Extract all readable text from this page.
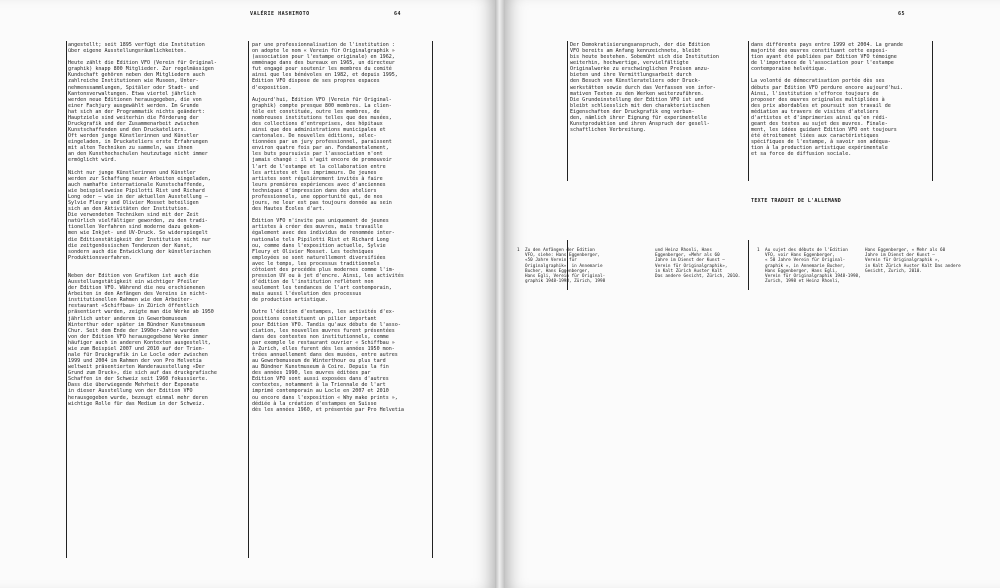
VALÉRIE HASHIMOTO	64
angestellt; seit 1895 verfügt die Institution
über eigene Ausstellungsräumlichkeiten.

Heute zählt die Edition VFO (Verein für Original-
graphik) knapp 800 Mitglieder. Zur regelmässigen
Kundschaft gehören neben den Mitgliedern auch
zahlreiche Institutionen wie Museen, Unter-
nehmenssammlungen, Spitäler oder Stadt- und
Kantonsverwaltungen. Etwa viertel jährlich
werden neue Editionen herausgegeben, die von
einer Fachjury ausgewählt werden. Im Grunde
hat sich an der Programmatik nichts geändert:
Hauptziele sind weiterhin die Förderung der
Druckgrafik und der Zusammenarbeit zwischen
Kunstschaffenden und den Druckateliers.
Oft werden junge Künstlerinnen und Künstler
eingeladen, in Druckateliers erste Erfahrungen
mit alten Techniken zu sammeln, was ihnen
an den Kunsthochschulen heutzutage nicht immer
ermöglicht wird.

Nicht nur junge Künstlerinnen und Künstler
werden zur Schaffung neuer Arbeiten eingeladen,
auch namhafte internationale Kunstschaffende,
wie beispielsweise Pipilotti Rist und Richard
Long oder – wie in der aktuellen Ausstellung –
Sylvie Fleury und Olivier Mosset beteiligen
sich an den Aktivitäten der Institution.
Die verwendeten Techniken sind mit der Zeit
natürlich vielfältiger geworden, zu den tradi-
tionellen Verfahren sind moderne dazu gekom-
men wie Inkjet- und UV-Druck. So widerspiegelt
die Editionstätigkeit der Institution nicht nur
die zeitgenössischen Tendenzen der Kunst,
sondern auch die Entwicklung der künstlerischen
Produktionsverfahren.

Neben der Edition von Grafiken ist auch die
Ausstellungstätigkeit ein wichtiger Pfeiler
der Edition VFO. Während die neu erschienenen
Arbeiten in den Anfängen des Vereins in nicht-
institutionellen Rahmen wie dem Arbeiter-
restaurant «Schiffbau» in Zürich öffentlich
präsentiert wurden, zeigte man die Werke ab 1950
jährlich unter anderem in Gewerbemuseum
Winterthur oder später im Bündner Kunstmuseum
Chur. Seit dem Ende der 1990er-Jahre wurden
von der Edition VFO herausgegebene Werke immer
häufiger auch in anderen Kontexten ausgestellt,
wie zum Beispiel 2007 und 2010 auf der Trien-
nale für Druckgrafik in Le Locle oder zwischen
1999 und 2004 im Rahmen der von Pro Helvetia
weltweit präsentierten Wanderausstellung «Der
Grund zum Druck», die sich auf das druckgrafische
Schaffen in der Schweiz seit 1960 fokussierte.
Dass die überwiegende Mehrheit der Exponate
in dieser Ausstellung von der Edition VFO
herausgegeben wurde, bezeugt einmal mehr deren
wichtige Rolle für das Medium in der Schweiz.
par une professionnalisation de l'institution :
on adopte le nom « Verein für Originalgraphik »
(association pour l'estampe originale) en 1962,
emménage dans des bureaux en 1965, un directeur
fut engagé pour soutenir les membres du comité
ainsi que les bénévoles en 1982, et depuis 1995,
Edition VFO dispose de ses propres espaces
d'exposition.

Aujourd'hui, Edition VFO (Verein für Original-
graphik) compte presque 800 membres. La clien-
tèle est constituée, outre les membres, de
nombreuses institutions telles que des musées,
des collections d'entreprises, des hôpitaux
ainsi que des administrations municipales et
cantonales. De nouvelles éditions, sélec-
tionnées par un jury professionnel, paraissent
environ quatre fois par an. Fondamentalement,
les buts poursuivis par l'association n'ont
jamais changé : il s'agit encore de promouvoir
l'art de l'estampe et la collaboration entre
les artistes et les imprimeurs. De jeunes
artistes sont régulièrement invités à faire
leurs premières expériences avec d'anciennes
techniques d'impression dans des ateliers
professionnels, une opportunité qui, de nos
jours, ne leur est pas toujours donnée au sein
des Hautes Écoles d'art.

Edition VFO n'invite pas uniquement de jeunes
artistes à créer des œuvres, mais travaille
également avec des individus de renommée inter-
nationale tels Pipilotti Rist et Richard Long
ou, comme dans l'exposition actuelle, Sylvie
Fleury et Olivier Mosset. Les techniques
employées se sont naturellement diversifiées
avec le temps, les processus traditionnels
côtoient des procédés plus modernes comme l'im-
pression UV ou à jet d'encre. Ainsi, les activités
d'édition de l'institution reflètent non
seulement les tendances de l'art contemporain,
mais aussi l'évolution des processus
de production artistique.

Outre l'édition d'estampes, les activités d'ex-
positions constituent un pilier important
pour Edition VFO. Tandis qu'aux débuts de l'asso-
ciation, les nouvelles œuvres furent présentées
dans des contextes non institutionnels, comme
par exemple le restaurant ouvrier « Schiffbau »
à Zurich, elles furent dès les années 1950 mon-
trées annuellement dans des musées, entre autres
au Gewerbemuseum de Winterthour ou plus tard
au Bündner Kunstmuseum à Coire. Depuis la fin
des années 1990, les œuvres éditées par
Edition VFO sont aussi exposées dans d'autres
contextes, notamment à la Triennale de l'art
imprimé contemporain au Locle en 2007 et 2010
ou encore dans l'exposition « Why make prints »,
dédiée à la création d'estampes en Suisse
dès les années 1960, et présentée par Pro Helvetia
65
Der Demokratisierungsanspruch, der die Edition
VFO bereits am Anfang kennzeichnete, bleibt
bis heute bestehen. Sobemüht sich die Institution
weiterhin, hochwertige, vervielfältigte
Originalwerke zu erschwinglichen Preisen anzu-
bieten und ihre Vermittlungsarbeit durch
den Besuch von Künstlerateliers oder Druck-
werkstätten sowie durch das Verfassen von infor-
mativen Texten zu den Werken weiterzuführen.
Die Grundeinstellung der Edition VFO ist und
bleibt schliesslich mit den charakteristischen
Eigenschaften der Druckgrafik eng verbun-
den, nämlich ihrer Eignung für experimentelle
Kunstproduktion und ihren Anspruch der gesell-
schaftlichen Verbreitung.
dans différents pays entre 1999 et 2004. La grande
majorité des œuvres constituant cette exposi-
tion ayant été publiées par Edition VFO témoigne
de l'importance de l'association pour l'estampe
contemporaine helvétique.

La volonté de démocratisation portée dès ses
débuts par Edition VFO perdure encore aujourd'hui.
Ainsi, l'institution s'efforce toujours de
proposer des œuvres originales multipliées à
des prix abordables et poursuit son travail de
médiation au travers de visites d'ateliers
d'artistes et d'imprimeries ainsi qu'en rédi-
geant des textes au sujet des œuvres. Finale-
ment, les idées guidant Edition VFO ont toujours
été étroitement liées aux caractéristiques
spécifiques de l'estampe, à savoir son adéqua-
tion à la production artistique expérimentale
et sa force de diffusion sociale.
TEXTE TRADUIT DE L'ALLEMAND
1 Zu den Anfängen der Edition
VFO, siehe: Hans Eggenberger,
«50 Jahre Verein für
Originalgraphik», in Annemarie
Bucher, Hans Eggenberger,
Hans Egli, Verein für Original-
graphik 1948-1998, Zürich, 1998
und Heinz Rhonli, Hans
Eggenberger, «Mehr als 60
Jahre im Dienst der Kunst –
Verein für Originalgraphik»,
in Kalt Zürich Auster Kalt
Das andere Gesicht, Zürich, 2010.
1 Au sujet des débuts de l'Edition
VFO, voir Hans Eggenberger,
« 50 Jahre Verein für Original-
graphik », in Annemarie Bucher,
Hans Eggenberger, Hans Egli,
Verein für Originalgraphik 1948-1998,
Zurich, 1998 et Heinz Rhonli,
Hans Eggenberger, « Mehr als 60
Jahre im Dienst der Kunst –
Verein für Originalgraphik »,
in Kalt Zürich Auster Kalt Das andere
Gesicht, Zurich, 2010.
